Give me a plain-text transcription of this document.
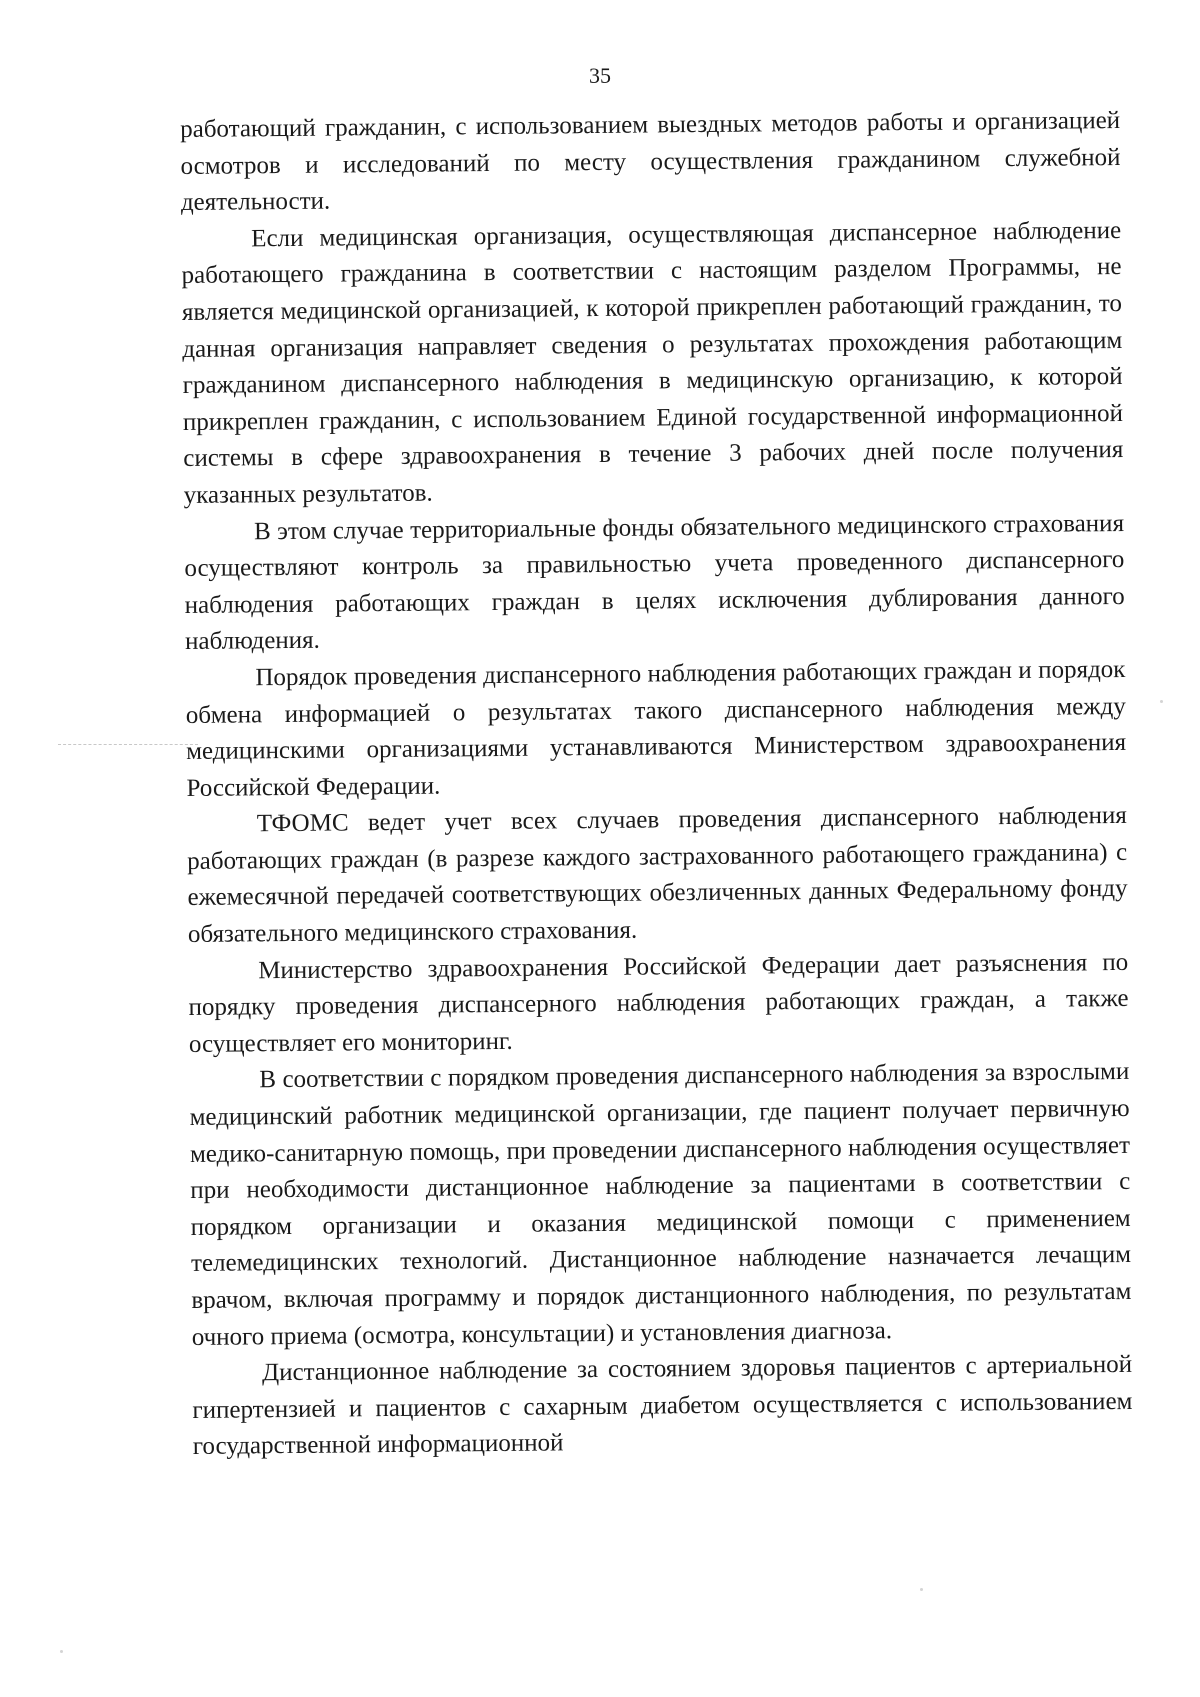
35

работающий гражданин, с использованием выездных методов работы и организацией осмотров и исследований по месту осуществления гражданином служебной деятельности.

Если медицинская организация, осуществляющая диспансерное наблюдение работающего гражданина в соответствии с настоящим разделом Программы, не является медицинской организацией, к которой прикреплен работающий гражданин, то данная организация направляет сведения о результатах прохождения работающим гражданином диспансерного наблюдения в медицинскую организацию, к которой прикреплен гражданин, с использованием Единой государственной информационной системы в сфере здравоохранения в течение 3 рабочих дней после получения указанных результатов.

В этом случае территориальные фонды обязательного медицинского страхования осуществляют контроль за правильностью учета проведенного диспансерного наблюдения работающих граждан в целях исключения дублирования данного наблюдения.

Порядок проведения диспансерного наблюдения работающих граждан и порядок обмена информацией о результатах такого диспансерного наблюдения между медицинскими организациями устанавливаются Министерством здравоохранения Российской Федерации.

ТФОМС ведет учет всех случаев проведения диспансерного наблюдения работающих граждан (в разрезе каждого застрахованного работающего гражданина) с ежемесячной передачей соответствующих обезличенных данных Федеральному фонду обязательного медицинского страхования.

Министерство здравоохранения Российской Федерации дает разъяснения по порядку проведения диспансерного наблюдения работающих граждан, а также осуществляет его мониторинг.

В соответствии с порядком проведения диспансерного наблюдения за взрослыми медицинский работник медицинской организации, где пациент получает первичную медико-санитарную помощь, при проведении диспансерного наблюдения осуществляет при необходимости дистанционное наблюдение за пациентами в соответствии с порядком организации и оказания медицинской помощи с применением телемедицинских технологий. Дистанционное наблюдение назначается лечащим врачом, включая программу и порядок дистанционного наблюдения, по результатам очного приема (осмотра, консультации) и установления диагноза.

Дистанционное наблюдение за состоянием здоровья пациентов с артериальной гипертензией и пациентов с сахарным диабетом осуществляется с использованием государственной информационной
